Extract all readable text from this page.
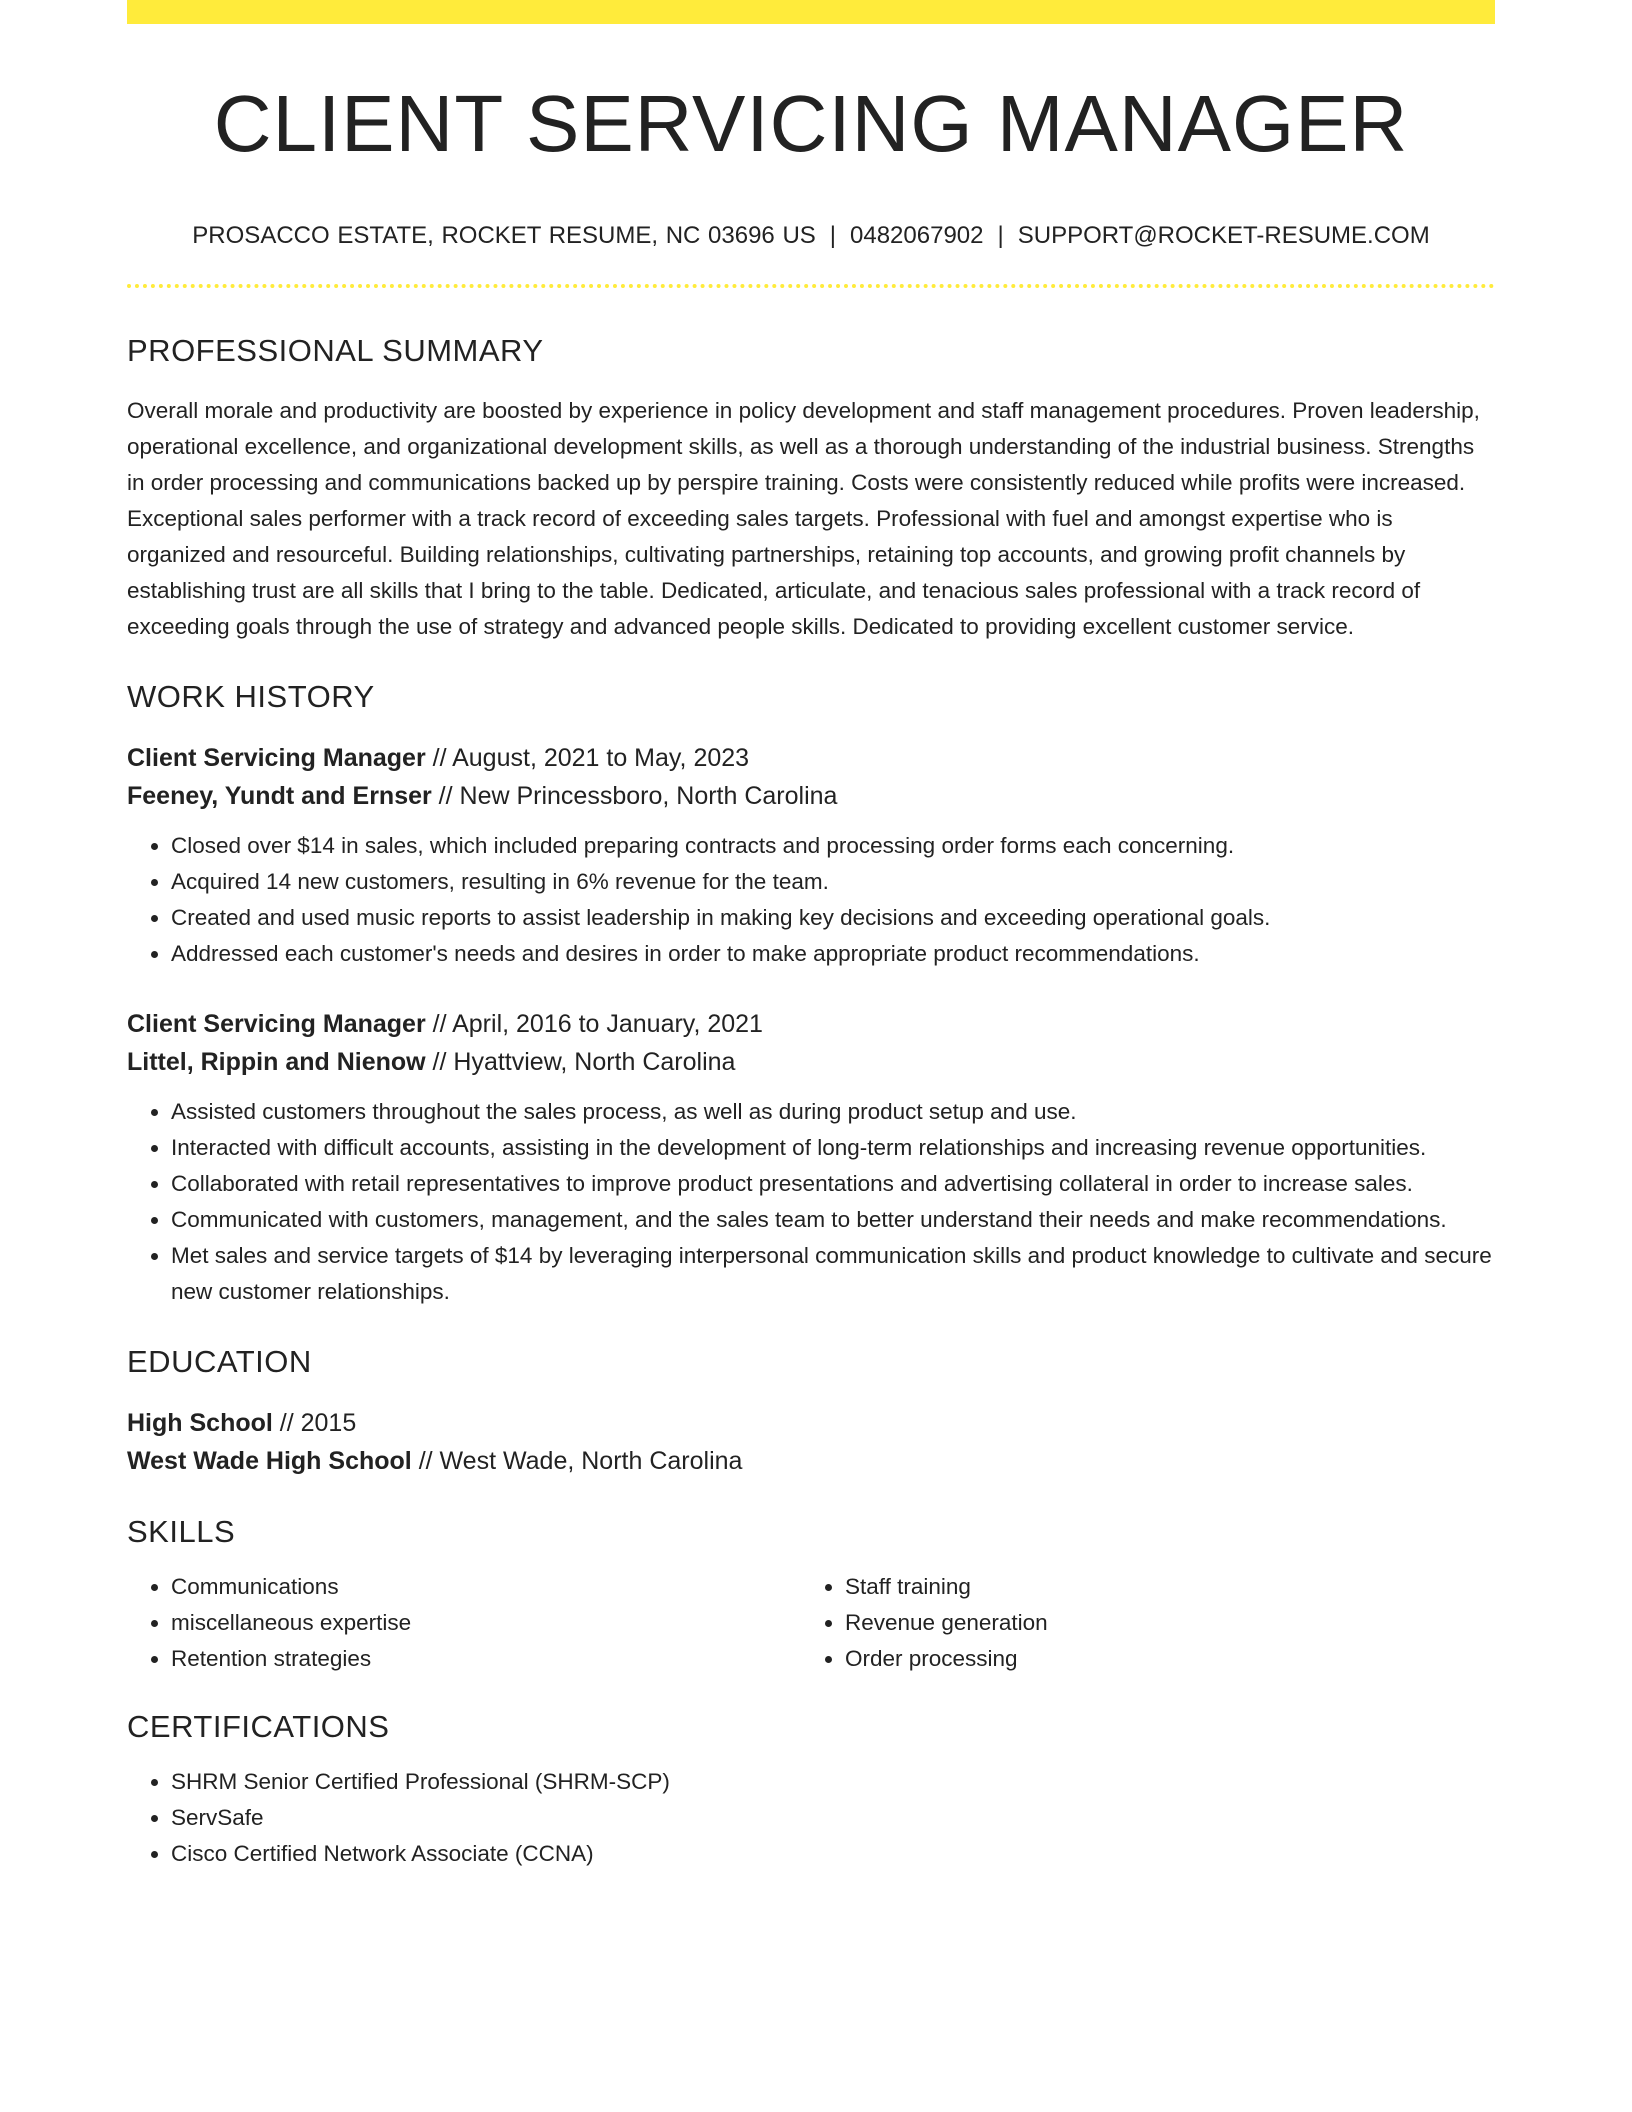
CLIENT SERVICING MANAGER
PROSACCO ESTATE, ROCKET RESUME, NC 03696 US | 0482067902 | SUPPORT@ROCKET-RESUME.COM
PROFESSIONAL SUMMARY
Overall morale and productivity are boosted by experience in policy development and staff management procedures. Proven leadership, operational excellence, and organizational development skills, as well as a thorough understanding of the industrial business. Strengths in order processing and communications backed up by perspire training. Costs were consistently reduced while profits were increased. Exceptional sales performer with a track record of exceeding sales targets. Professional with fuel and amongst expertise who is organized and resourceful. Building relationships, cultivating partnerships, retaining top accounts, and growing profit channels by establishing trust are all skills that I bring to the table. Dedicated, articulate, and tenacious sales professional with a track record of exceeding goals through the use of strategy and advanced people skills. Dedicated to providing excellent customer service.
WORK HISTORY
Client Servicing Manager // August, 2021 to May, 2023
Feeney, Yundt and Ernser // New Princessboro, North Carolina
• Closed over $14 in sales, which included preparing contracts and processing order forms each concerning.
• Acquired 14 new customers, resulting in 6% revenue for the team.
• Created and used music reports to assist leadership in making key decisions and exceeding operational goals.
• Addressed each customer's needs and desires in order to make appropriate product recommendations.
Client Servicing Manager // April, 2016 to January, 2021
Littel, Rippin and Nienow // Hyattview, North Carolina
• Assisted customers throughout the sales process, as well as during product setup and use.
• Interacted with difficult accounts, assisting in the development of long-term relationships and increasing revenue opportunities.
• Collaborated with retail representatives to improve product presentations and advertising collateral in order to increase sales.
• Communicated with customers, management, and the sales team to better understand their needs and make recommendations.
• Met sales and service targets of $14 by leveraging interpersonal communication skills and product knowledge to cultivate and secure new customer relationships.
EDUCATION
High School // 2015
West Wade High School // West Wade, North Carolina
SKILLS
• Communications
• miscellaneous expertise
• Retention strategies
• Staff training
• Revenue generation
• Order processing
CERTIFICATIONS
• SHRM Senior Certified Professional (SHRM-SCP)
• ServSafe
• Cisco Certified Network Associate (CCNA)
